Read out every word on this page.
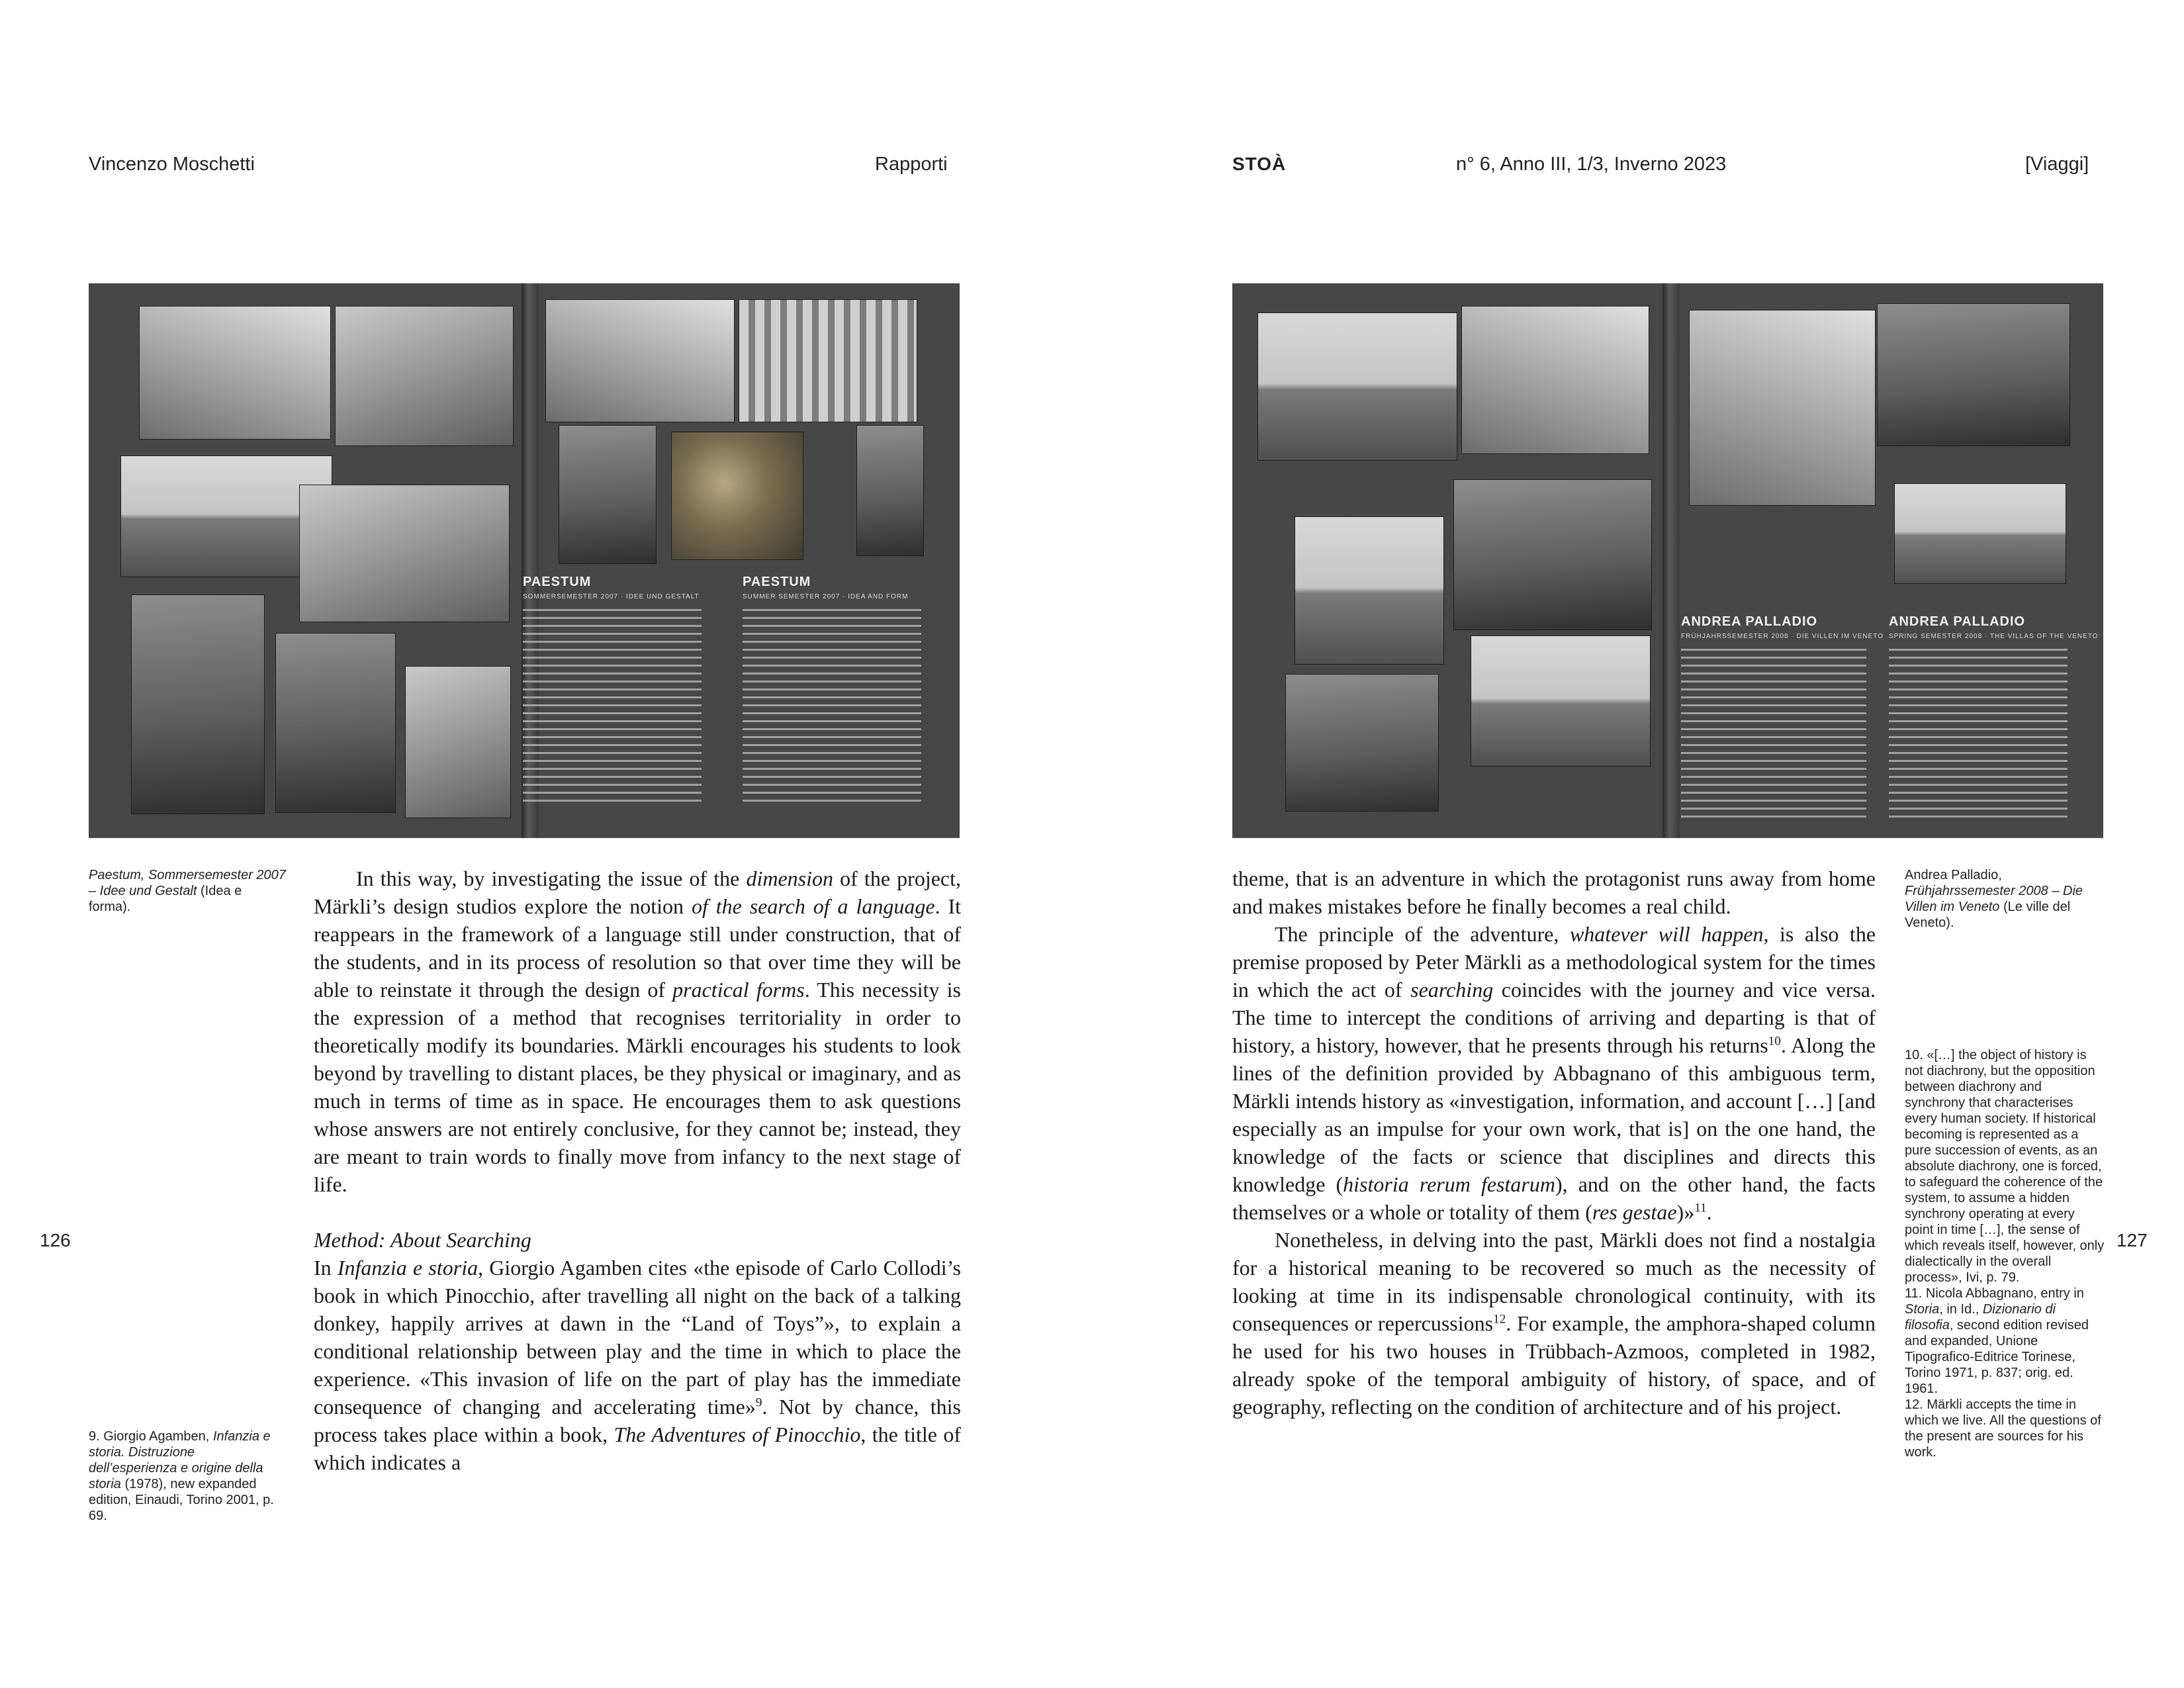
Vincenzo Moschetti	Rapporti
PAESTUM
SOMMERSEMESTER 2007 · IDEE UND GESTALT
PAESTUM
SUMMER SEMESTER 2007 · IDEA AND FORM
Paestum, Sommersemester 2007 – Idee und Gestalt (Idea e forma).

In this way, by investigating the issue of the dimension of the project, Märkli’s design studios explore the notion of the search of a language. It reappears in the framework of a language still under construction, that of the students, and in its process of resolution so that over time they will be able to reinstate it through the design of practical forms. This necessity is the expression of a method that recognises territoriality in order to theoretically modify its boundaries. Märkli encourages his students to look beyond by travelling to distant places, be they physical or imaginary, and as much in terms of time as in space. He encourages them to ask questions whose answers are not entirely conclusive, for they cannot be; instead, they are meant to train words to finally move from infancy to the next stage of life.

Method: About Searching

In Infanzia e storia, Giorgio Agamben cites «the episode of Carlo Collodi’s book in which Pinocchio, after travelling all night on the back of a talking donkey, happily arrives at dawn in the “Land of Toys”», to explain a conditional relationship between play and the time in which to place the experience. «This invasion of life on the part of play has the immediate consequence of changing and accelerating time»$^9$. Not by chance, this process takes place within a book, The Adventures of Pinocchio, the title of which indicates a

126
9. Giorgio Agamben, Infanzia e storia. Distruzione dell’esperienza e origine della storia (1978), new expanded edition, Einaudi, Torino 2001, p. 69.
STOÀ	n° 6, Anno III, 1/3, Inverno 2023	[Viaggi]
ANDREA PALLADIO
FRÜHJAHRSSEMESTER 2008 · DIE VILLEN IM VENETO
ANDREA PALLADIO
SPRING SEMESTER 2008 · THE VILLAS OF THE VENETO

theme, that is an adventure in which the protagonist runs away from home and makes mistakes before he finally becomes a real child.

The principle of the adventure, whatever will happen, is also the premise proposed by Peter Märkli as a methodological system for the times in which the act of searching coincides with the journey and vice versa. The time to intercept the conditions of arriving and departing is that of history, a history, however, that he presents through his returns$^{10}$. Along the lines of the definition provided by Abbagnano of this ambiguous term, Märkli intends history as «investigation, information, and account […] [and especially as an impulse for your own work, that is] on the one hand, the knowledge of the facts or science that disciplines and directs this knowledge (historia rerum festarum), and on the other hand, the facts themselves or a whole or totality of them (res gestae)»$^{11}$.

Nonetheless, in delving into the past, Märkli does not find a nostalgia for a historical meaning to be recovered so much as the necessity of looking at time in its indispensable chronological continuity, with its consequences or repercussions$^{12}$. For example, the amphora-shaped column he used for his two houses in Trübbach-Azmoos, completed in 1982, already spoke of the temporal ambiguity of history, of space, and of geography, reflecting on the condition of architecture and of his project.

Andrea Palladio, Frühjahrssemester 2008 – Die Villen im Veneto (Le ville del Veneto).
10. «[…] the object of history is not diachrony, but the opposition between diachrony and synchrony that characterises every human society. If historical becoming is represented as a pure succession of events, as an absolute diachrony, one is forced, to safeguard the coherence of the system, to assume a hidden synchrony operating at every point in time […], the sense of which reveals itself, however, only dialectically in the overall process», Ivi, p. 79.
11. Nicola Abbagnano, entry in Storia, in Id., Dizionario di filosofia, second edition revised and expanded, Unione Tipografico-Editrice Torinese, Torino 1971, p. 837; orig. ed. 1961.
12. Märkli accepts the time in which we live. All the questions of the present are sources for his work.
127
